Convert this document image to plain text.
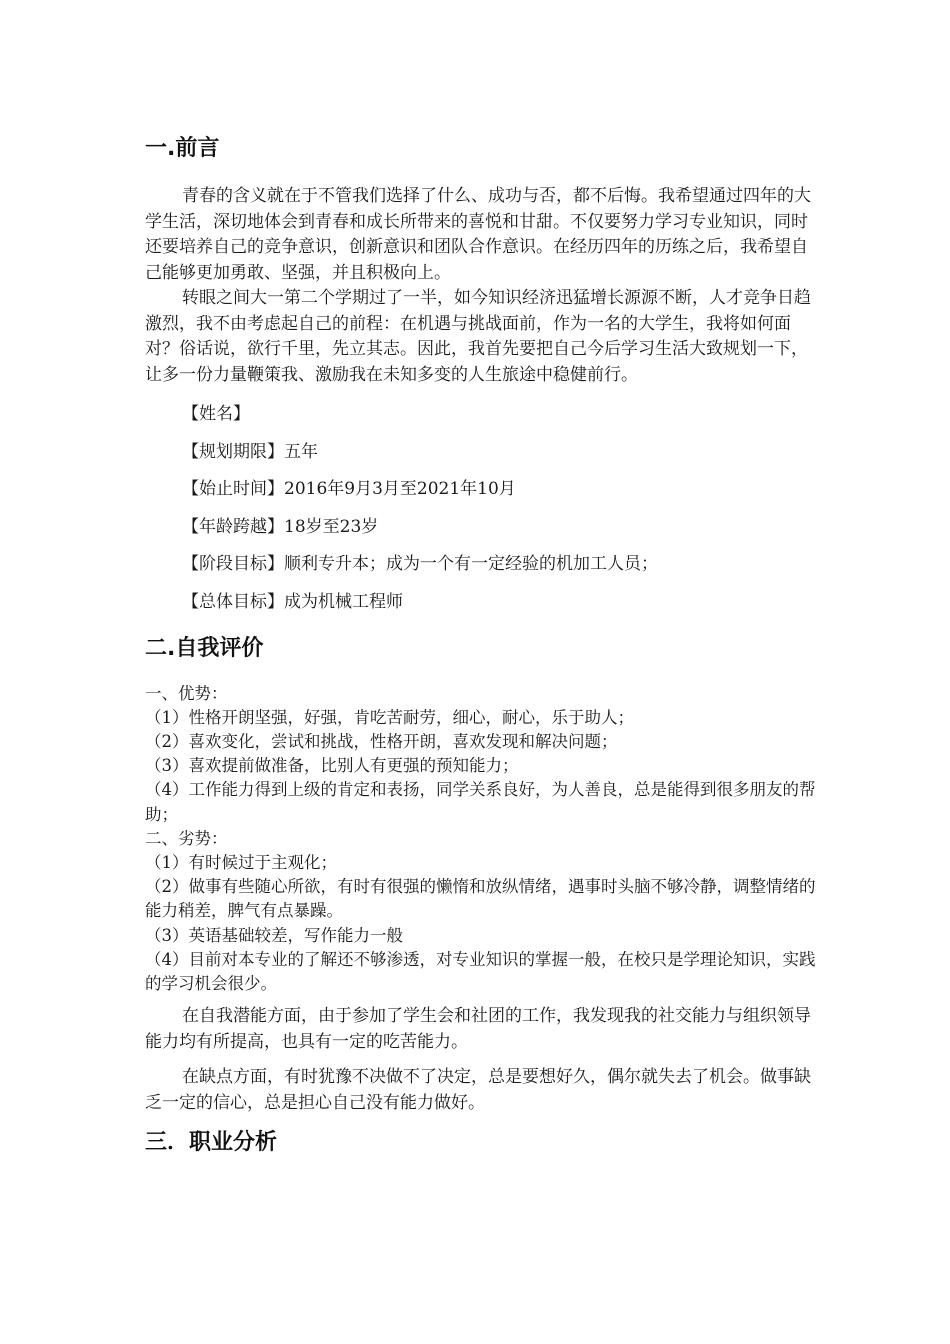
一.前言

青春的含义就在于不管我们选择了什么、成功与否，都不后悔。我希望通过四年的大学生活，深切地体会到青春和成长所带来的喜悦和甘甜。不仅要努力学习专业知识，同时还要培养自己的竞争意识，创新意识和团队合作意识。在经历四年的历练之后，我希望自己能够更加勇敢、坚强，并且积极向上。

转眼之间大一第二个学期过了一半，如今知识经济迅猛增长源源不断，人才竞争日趋激烈，我不由考虑起自己的前程：在机遇与挑战面前，作为一名的大学生，我将如何面对？俗话说，欲行千里，先立其志。因此，我首先要把自己今后学习生活大致规划一下，让多一份力量鞭策我、激励我在未知多变的人生旅途中稳健前行。

【姓名】

【规划期限】五年

【始止时间】2016年9月3月至2021年10月

【年龄跨越】18岁至23岁

【阶段目标】顺利专升本；成为一个有一定经验的机加工人员；

【总体目标】成为机械工程师

二.自我评价

一、优势：

（1）性格开朗坚强，好强，肯吃苦耐劳，细心，耐心，乐于助人；

（2）喜欢变化，尝试和挑战，性格开朗，喜欢发现和解决问题；

（3）喜欢提前做准备，比别人有更强的预知能力；

（4）工作能力得到上级的肯定和表扬，同学关系良好，为人善良，总是能得到很多朋友的帮助；

二、劣势：

（1）有时候过于主观化；

（2）做事有些随心所欲，有时有很强的懒惰和放纵情绪，遇事时头脑不够冷静，调整情绪的能力稍差，脾气有点暴躁。

（3）英语基础较差，写作能力一般

（4）目前对本专业的了解还不够渗透，对专业知识的掌握一般，在校只是学理论知识，实践的学习机会很少。

在自我潜能方面，由于参加了学生会和社团的工作，我发现我的社交能力与组织领导能力均有所提高，也具有一定的吃苦能力。

在缺点方面，有时犹豫不决做不了决定，总是要想好久，偶尔就失去了机会。做事缺乏一定的信心，总是担心自己没有能力做好。

三．职业分析
